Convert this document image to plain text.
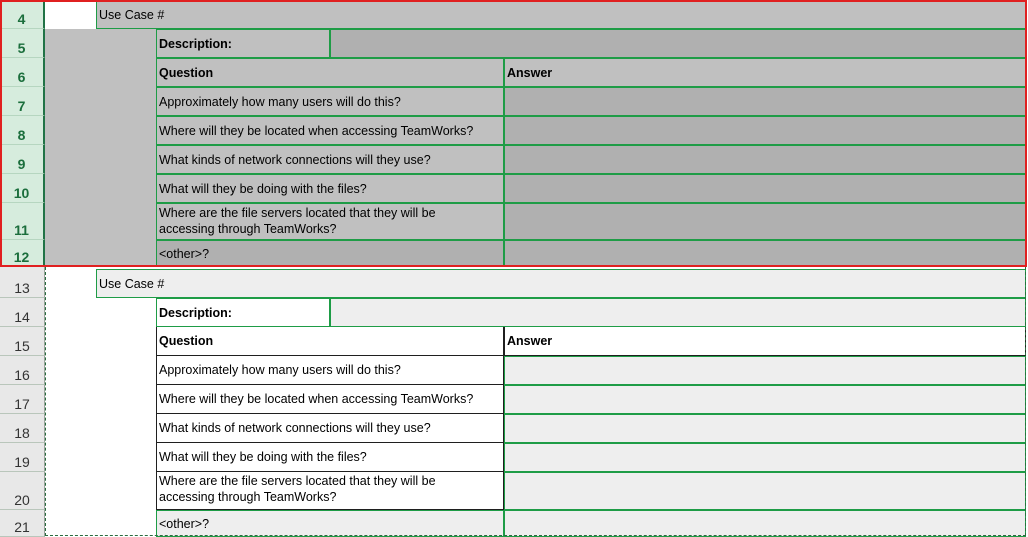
4
5
6
7
8
9
10
11
12
13
14
15
16
17
18
19
20
21
Use Case #
Description:
Question	Answer
Approximately how many users will do this?
Where will they be located when accessing TeamWorks?
What kinds of network connections will they use?
What will they be doing with the files?
Where are the file servers located that they will be accessing through TeamWorks?
<other>?
Use Case #
Description:
Question	Answer
Approximately how many users will do this?
Where will they be located when accessing TeamWorks?
What kinds of network connections will they use?
What will they be doing with the files?
Where are the file servers located that they will be accessing through TeamWorks?
<other>?
